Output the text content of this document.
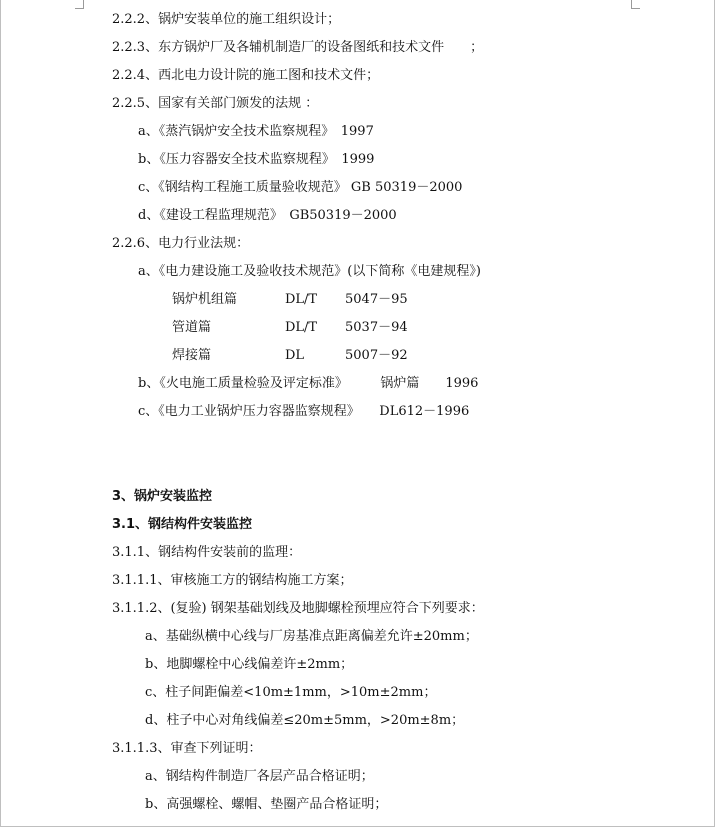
2.2.2、锅炉安装单位的施工组织设计；
2.2.3、东方锅炉厂及各辅机制造厂的设备图纸和技术文件　　；
2.2.4、西北电力设计院的施工图和技术文件；
2.2.5、国家有关部门颁发的法规 ：
a、《蒸汽锅炉安全技术监察规程》　1997
b、《压力容器安全技术监察规程》　1999
c、《钢结构工程施工质量验收规范》 GB 50319－2000
d、《建设工程监理规范》　GB50319－2000
2.2.6、电力行业法规：
a、《电力建设施工及验收技术规范》(以下简称《电建规程》)
锅炉机组篇	DL/T 5047－95
管道篇	DL/T 5037－94
焊接篇	DL	5007－92
b、《火电施工质量检验及评定标准》　　　锅炉篇　　1996
c、《电力工业锅炉压力容器监察规程》　　DL612－1996
3、锅炉安装监控
3.1、钢结构件安装监控
3.1.1、钢结构件安装前的监理：
3.1.1.1、审核施工方的钢结构施工方案；
3.1.1.2、(复验) 钢架基础划线及地脚螺栓预埋应符合下列要求：
a、基础纵横中心线与厂房基准点距离偏差允许±20mm；
b、地脚螺栓中心线偏差许±2mm；
c、柱子间距偏差<10m±1mm，>10m±2mm；
d、柱子中心对角线偏差≤20m±5mm，>20m±8m；
3.1.1.3、审查下列证明：
a、钢结构件制造厂各层产品合格证明；
b、高强螺栓、螺帽、垫圈产品合格证明；
